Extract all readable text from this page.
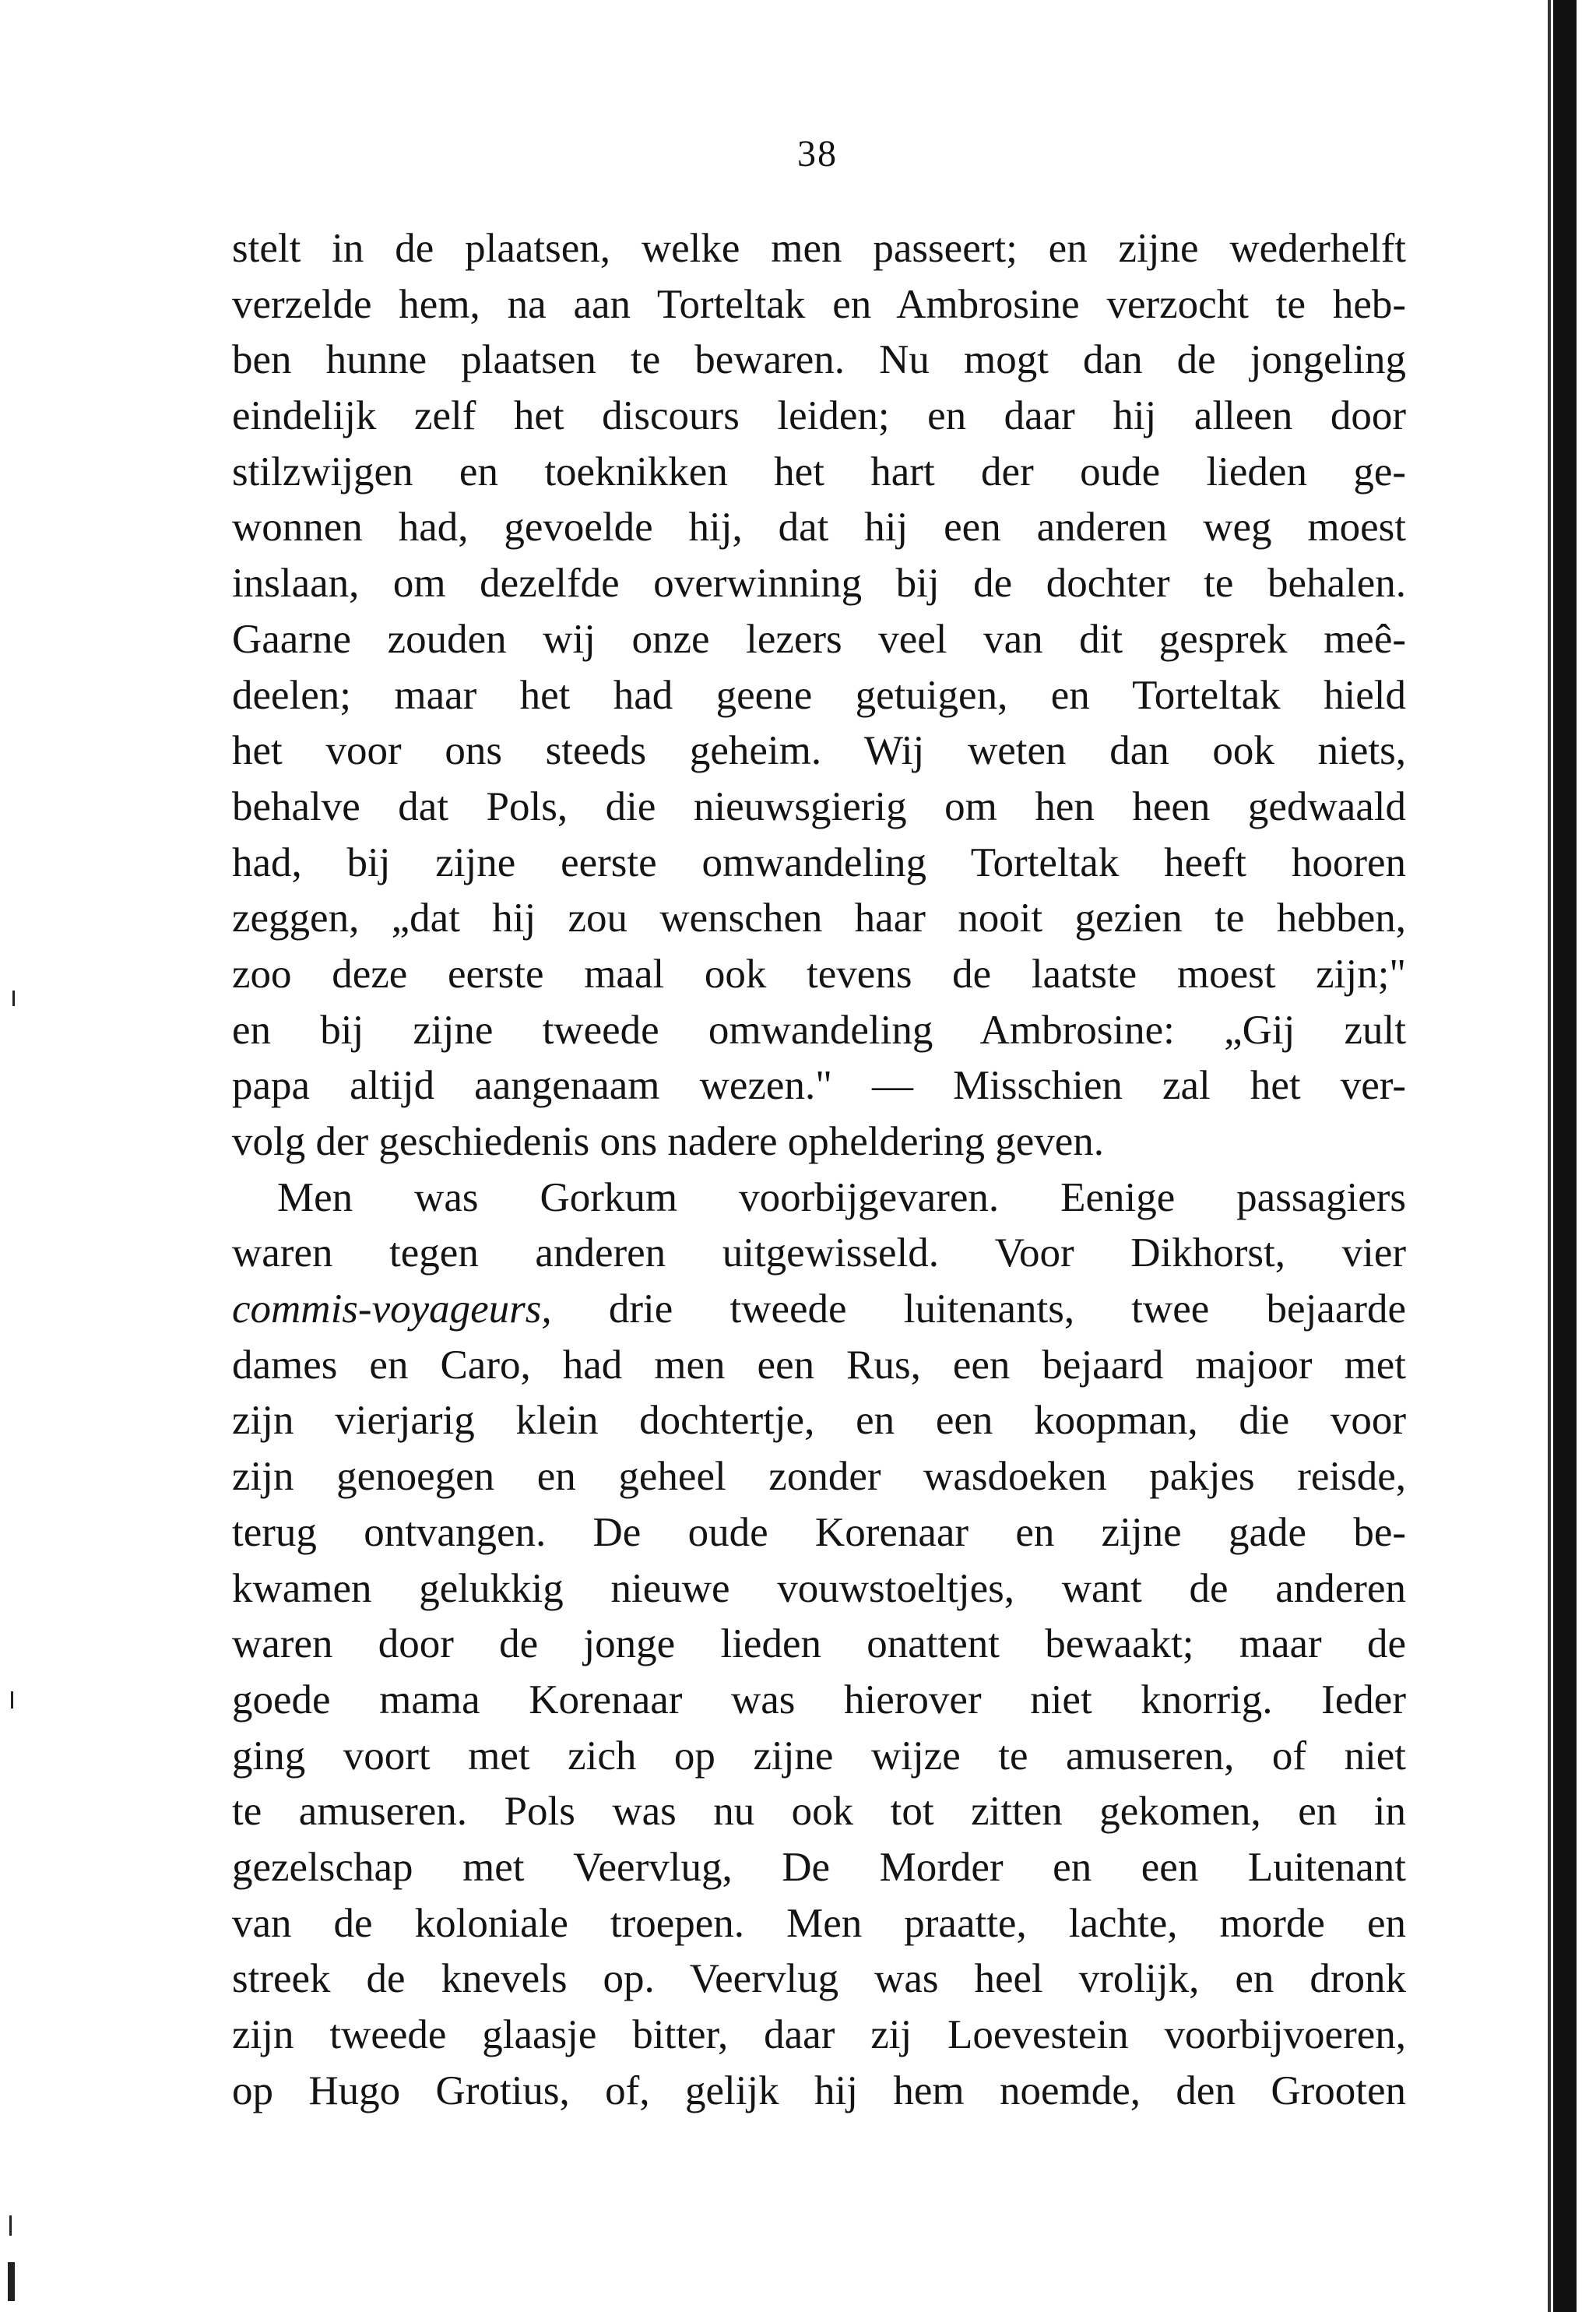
38
stelt in de plaatsen, welke men passeert; en zijne wederhelft
verzelde hem, na aan Torteltak en Ambrosine verzocht te heb-
ben hunne plaatsen te bewaren. Nu mogt dan de jongeling
eindelijk zelf het discours leiden; en daar hij alleen door
stilzwijgen en toeknikken het hart der oude lieden ge-
wonnen had, gevoelde hij, dat hij een anderen weg moest
inslaan, om dezelfde overwinning bij de dochter te behalen.
Gaarne zouden wij onze lezers veel van dit gesprek meê-
deelen; maar het had geene getuigen, en Torteltak hield
het voor ons steeds geheim. Wij weten dan ook niets,
behalve dat Pols, die nieuwsgierig om hen heen gedwaald
had, bij zijne eerste omwandeling Torteltak heeft hooren
zeggen, „dat hij zou wenschen haar nooit gezien te hebben,
zoo deze eerste maal ook tevens de laatste moest zijn;"
en bij zijne tweede omwandeling Ambrosine: „Gij zult
papa altijd aangenaam wezen." — Misschien zal het ver-
volg der geschiedenis ons nadere opheldering geven.
Men was Gorkum voorbijgevaren. Eenige passagiers
waren tegen anderen uitgewisseld. Voor Dikhorst, vier
commis-voyageurs, drie tweede luitenants, twee bejaarde
dames en Caro, had men een Rus, een bejaard majoor met
zijn vierjarig klein dochtertje, en een koopman, die voor
zijn genoegen en geheel zonder wasdoeken pakjes reisde,
terug ontvangen. De oude Korenaar en zijne gade be-
kwamen gelukkig nieuwe vouwstoeltjes, want de anderen
waren door de jonge lieden onattent bewaakt; maar de
goede mama Korenaar was hierover niet knorrig. Ieder
ging voort met zich op zijne wijze te amuseren, of niet
te amuseren. Pols was nu ook tot zitten gekomen, en in
gezelschap met Veervlug, De Morder en een Luitenant
van de koloniale troepen. Men praatte, lachte, morde en
streek de knevels op. Veervlug was heel vrolijk, en dronk
zijn tweede glaasje bitter, daar zij Loevestein voorbijvoeren,
op Hugo Grotius, of, gelijk hij hem noemde, den Grooten
